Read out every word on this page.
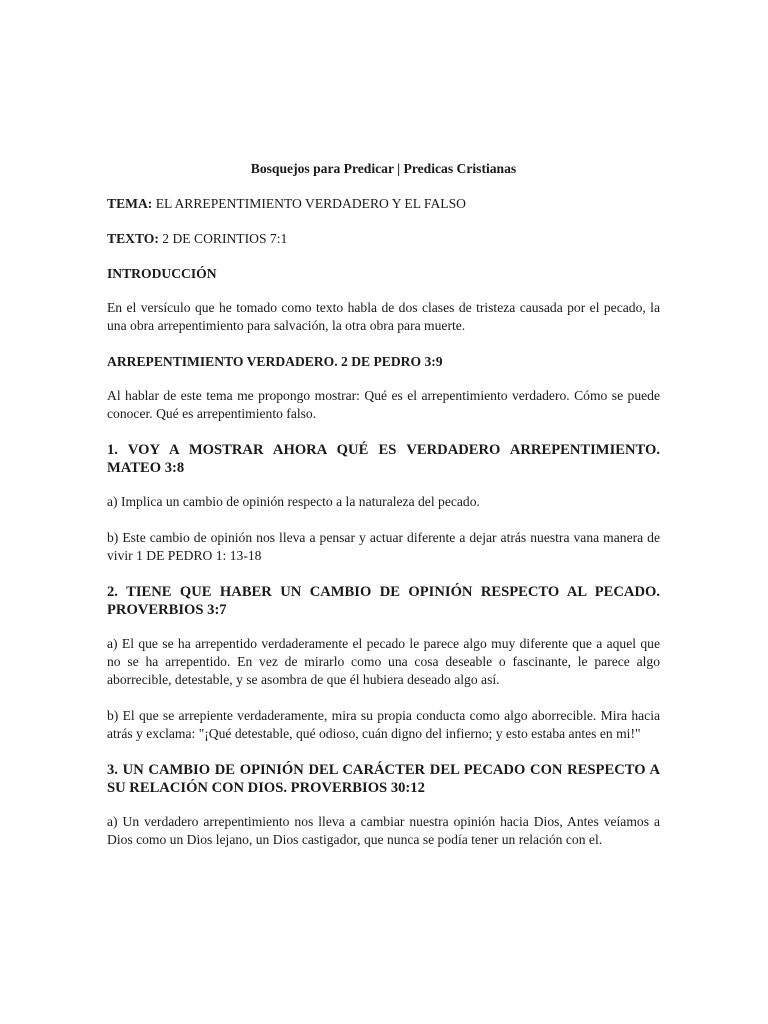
Bosquejos para Predicar | Predicas Cristianas
TEMA: EL ARREPENTIMIENTO VERDADERO Y EL FALSO
TEXTO: 2 DE CORINTIOS 7:1
INTRODUCCIÓN
En el versículo que he tomado como texto habla de dos clases de tristeza causada por el pecado, la una obra arrepentimiento para salvación, la otra obra para muerte.
ARREPENTIMIENTO VERDADERO. 2 DE PEDRO 3:9
Al hablar de este tema me propongo mostrar: Qué es el arrepentimiento verdadero. Cómo se puede conocer. Qué es arrepentimiento falso.
1. VOY A MOSTRAR AHORA QUÉ ES VERDADERO ARREPENTIMIENTO. MATEO 3:8
a) Implica un cambio de opinión respecto a la naturaleza del pecado.
b) Este cambio de opinión nos lleva a pensar y actuar diferente a dejar atrás nuestra vana manera de vivir 1 DE PEDRO 1: 13-18
2. TIENE QUE HABER UN CAMBIO DE OPINIÓN RESPECTO AL PECADO. PROVERBIOS 3:7
a) El que se ha arrepentido verdaderamente el pecado le parece algo muy diferente que a aquel que no se ha arrepentido. En vez de mirarlo como una cosa deseable o fascinante, le parece algo aborrecible, detestable, y se asombra de que él hubiera deseado algo así.
b) El que se arrepiente verdaderamente, mira su propia conducta como algo aborrecible. Mira hacia atrás y exclama: "¡Qué detestable, qué odioso, cuán digno del infierno; y esto estaba antes en mi!"
3. UN CAMBIO DE OPINIÓN DEL CARÁCTER DEL PECADO CON RESPECTO A SU RELACIÓN CON DIOS. PROVERBIOS 30:12
a) Un verdadero arrepentimiento nos lleva a cambiar nuestra opinión hacia Dios, Antes veíamos a Dios como un Dios lejano, un Dios castigador, que nunca se podía tener un relación con el.
